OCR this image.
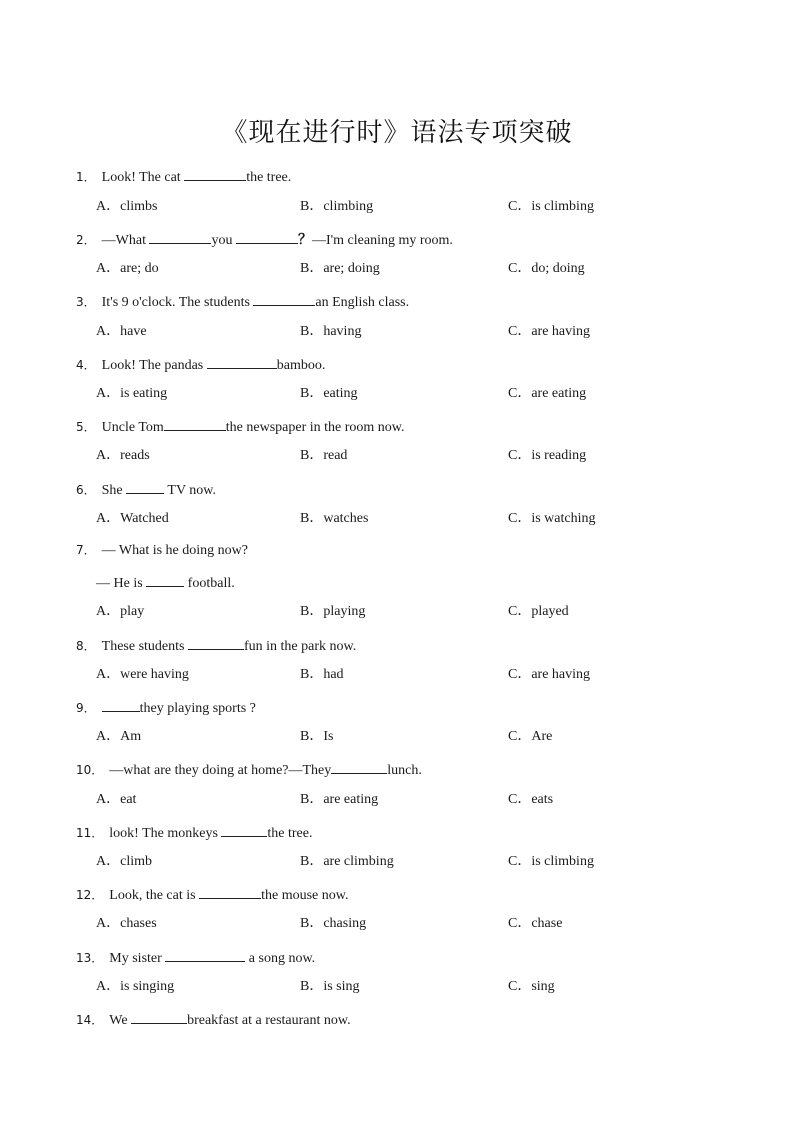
《现在进行时》语法专项突破
1． Look! The cat	the tree.
A．climbs	B．climbing	C．is climbing
2． —What	you	？—I'm cleaning my room.
A．are; do	B．are; doing	C．do; doing
3． It's 9 o'clock. The students	an English class.
A．have	B．having	C．are having
4． Look! The pandas	bamboo.
A．is eating	B．eating	C．are eating
5． Uncle Tom	the newspaper in the room now.
A．reads	B．read	C．is reading
6． She	TV now.
A．Watched	B．watches	C．is watching
7． — What is he doing now?
— He is	football.
A．play	B．playing	C．played
8． These students	fun in the park now.
A．were having	B．had	C．are having
9．	they playing sports ?
A．Am	B．Is	C．Are
10． —what are they doing at home?—They	lunch.
A．eat	B．are eating	C．eats
11． look! The monkeys	the tree.
A．climb	B．are climbing	C．is climbing
12． Look, the cat is	the mouse now.
A．chases	B．chasing	C．chase
13． My sister	a song now.
A．is singing	B．is sing	C．sing
14． We	breakfast at a restaurant now.
